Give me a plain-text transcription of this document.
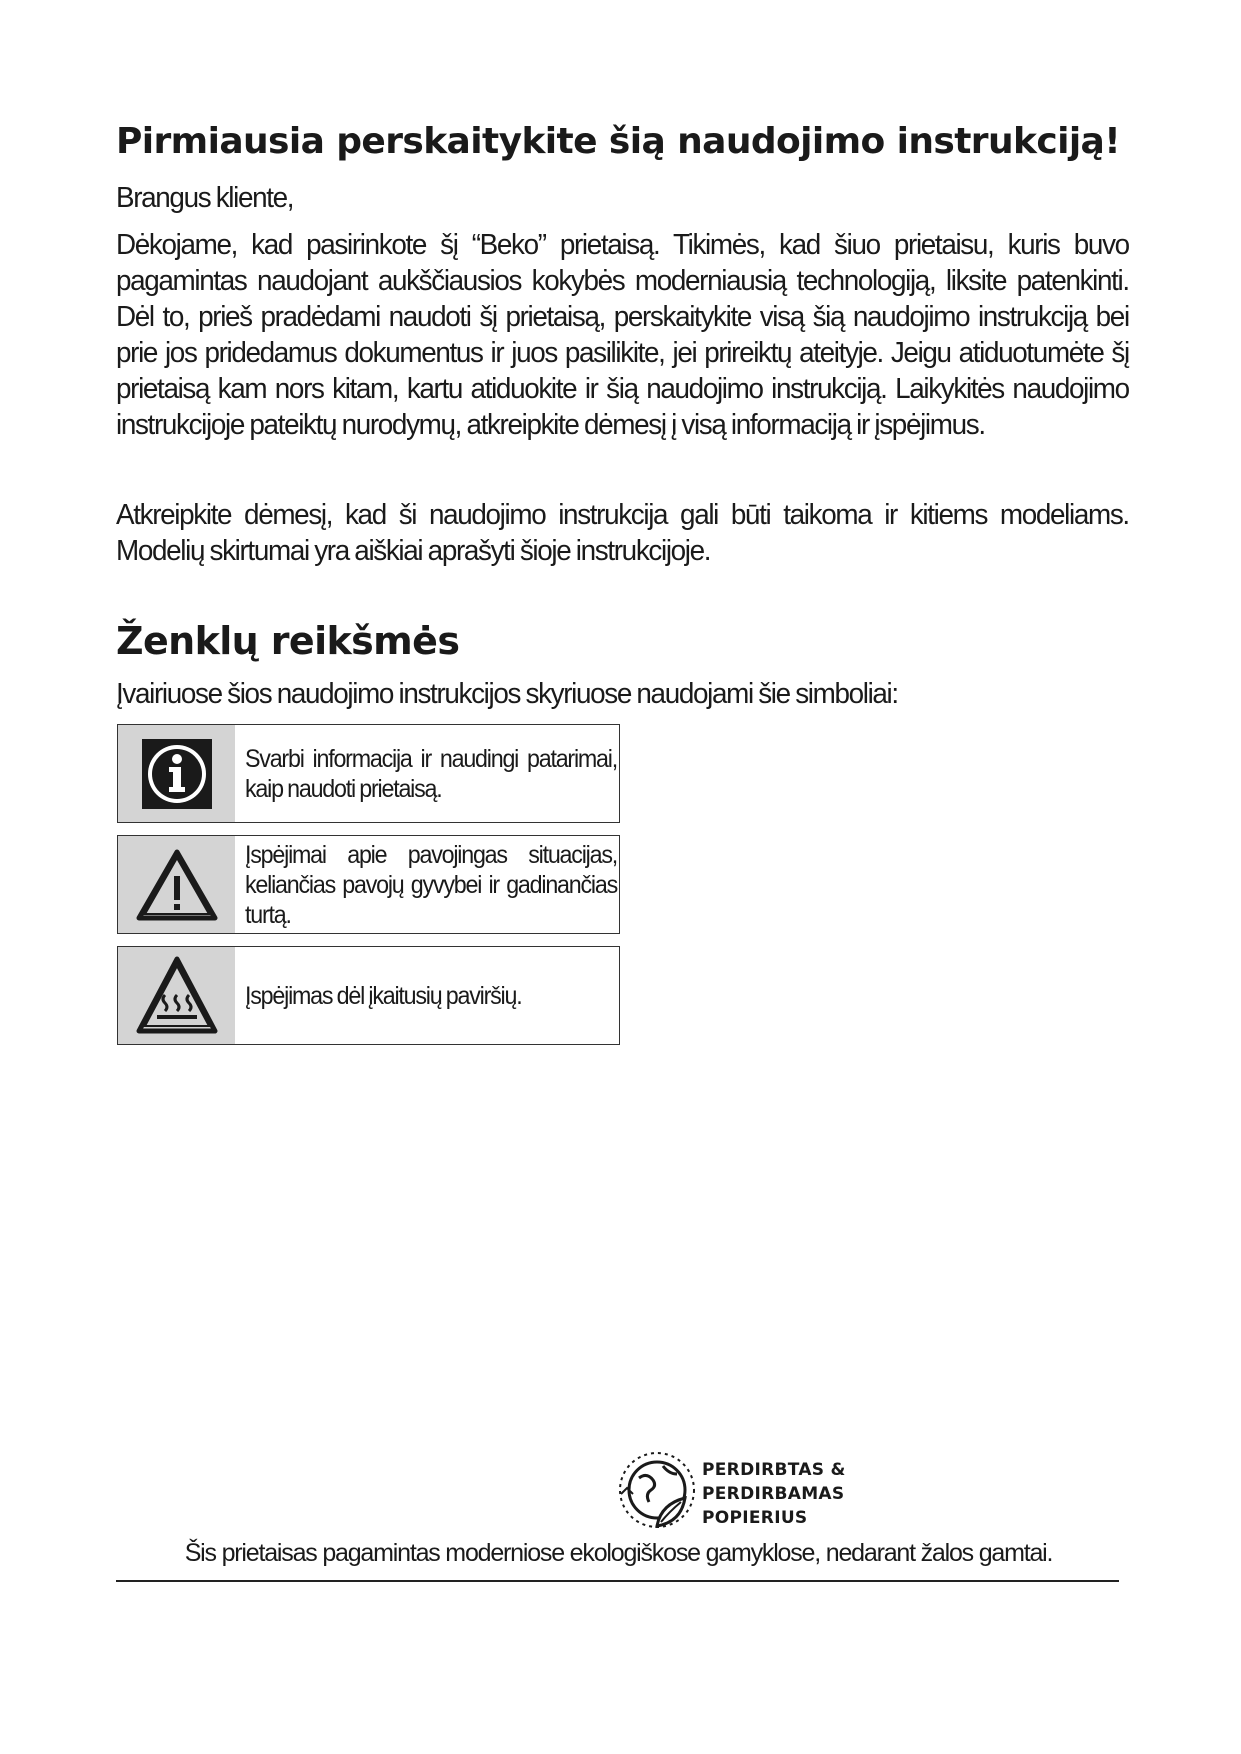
Pirmiausia perskaitykite šią naudojimo instrukciją!

Brangus kliente,

Dėkojame, kad pasirinkote šį “Beko” prietaisą. Tikimės, kad šiuo prietaisu, kuris buvo pagamintas naudojant aukščiausios kokybės moderniausią technologiją, liksite patenkinti. Dėl to, prieš pradėdami naudoti šį prietaisą, perskaitykite visą šią naudojimo instrukciją bei prie jos pridedamus dokumentus ir juos pasilikite, jei prireiktų ateityje. Jeigu atiduotumėte šį prietaisą kam nors kitam, kartu atiduokite ir šią naudojimo instrukciją. Laikykitės naudojimo instrukcijoje pateiktų nurodymų, atkreipkite dėmesį į visą informaciją ir įspėjimus.

Atkreipkite dėmesį, kad ši naudojimo instrukcija gali būti taikoma ir kitiems modeliams. Modelių skirtumai yra aiškiai aprašyti šioje instrukcijoje.

Ženklų reikšmės

Įvairiuose šios naudojimo instrukcijos skyriuose naudojami šie simboliai:

Svarbi informacija ir naudingi patarimai, kaip naudoti prietaisą.
Įspėjimai apie pavojingas situacijas, keliančias pavojų gyvybei ir gadinančias turtą.
Įspėjimas dėl įkaitusių paviršių.
PERDIRBTAS &
PERDIRBAMAS
POPIERIUS
Šis prietaisas pagamintas moderniose ekologiškose gamyklose, nedarant žalos gamtai.
